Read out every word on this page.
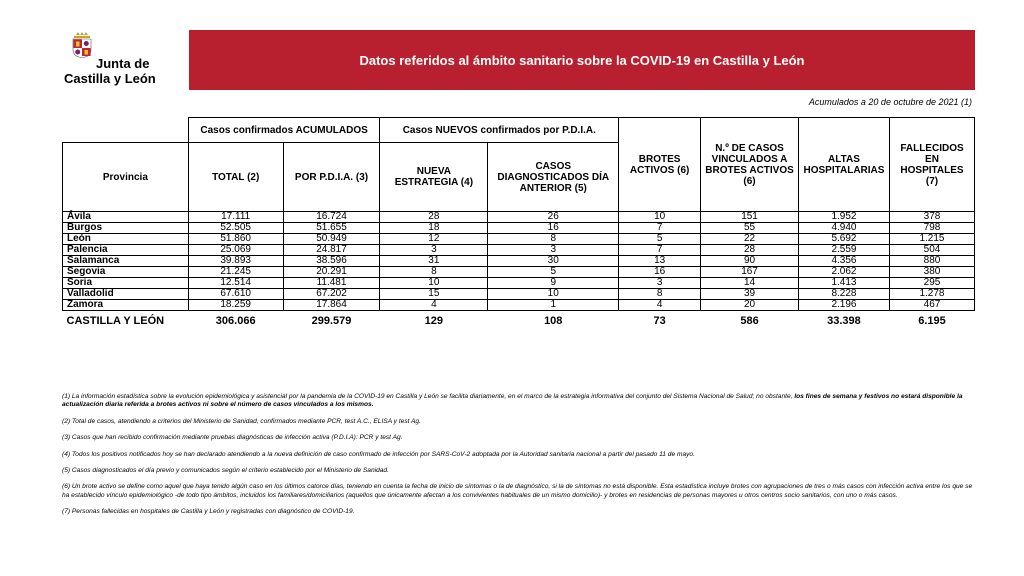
Junta de
Castilla y León
Datos referidos al ámbito sanitario sobre la COVID-19 en Castilla y León
Acumulados a 20 de octubre de 2021 (1)
	Casos confirmados ACUMULADOS		Casos NUEVOS confirmados por P.D.I.A.		BROTES ACTIVOS (6)	N.º DE CASOS VINCULADOS A BROTES ACTIVOS (6)	ALTAS HOSPITALARIAS	FALLECIDOS EN HOSPITALES (7)
Provincia	TOTAL (2)	POR P.D.I.A. (3)	NUEVA ESTRATEGIA (4)	CASOS DIAGNOSTICADOS DÍA ANTERIOR (5)				
Ávila	17.111	16.724	28	26	10	151	1.952	378
Burgos	52.505	51.655	18	16	7	55	4.940	798
León	51.860	50.949	12	8	5	22	5.692	1.215
Palencia	25.069	24.817	3	3	7	28	2.559	504
Salamanca	39.893	38.596	31	30	13	90	4.356	880
Segovia	21.245	20.291	8	5	16	167	2.062	380
Soria	12.514	11.481	10	9	3	14	1.413	295
Valladolid	67.610	67.202	15	10	8	39	8.228	1.278
Zamora	18.259	17.864	4	1	4	20	2.196	467
CASTILLA Y LEÓN	306.066	299.579	129	108	73	586	33.398	6.195

(1) La información estadística sobre la evolución epidemiológica y asistencial por la pandemia de la COVID-19 en Castilla y León se facilita diariamente, en el marco de la estrategia informativa del conjunto del Sistema Nacional de Salud; no obstante, los fines de semana y festivos no estará disponible la actualización diaria referida a brotes activos ni sobre el número de casos vinculados a los mismos.

(2) Total de casos, atendiendo a criterios del Ministerio de Sanidad, confirmados mediante PCR, test A.C., ELISA y test Ag.

(3) Casos que han recibido confirmación mediante pruebas diagnósticas de infección activa (P.D.I.A): PCR y test Ag.

(4) Todos los positivos notificados hoy se han declarado atendiendo a la nueva definición de caso confirmado de infección por SARS-CoV-2 adoptada por la Autoridad sanitaria nacional a partir del pasado 11 de mayo.

(5) Casos diagnosticados el día previo y comunicados según el criterio establecido por el Ministerio de Sanidad.

(6) Un brote activo se define como aquel que haya tenido algún caso en los últimos catorce días, teniendo en cuenta la fecha de inicio de síntomas o la de diagnóstico, si la de síntomas no está disponible. Esta estadística incluye brotes con agrupaciones de tres o más casos con infección activa entre los que se ha establecido vínculo epidemiológico -de todo tipo ámbitos, incluidos los familiares/domiciliarios (aquellos que únicamente afectan a los convivientes habituales de un mismo domicilio)- y brotes en residencias de personas mayores u otros centros socio sanitarios, con uno o más casos.

(7) Personas fallecidas en hospitales de Castilla y León y registradas con diagnóstico de COVID-19.
